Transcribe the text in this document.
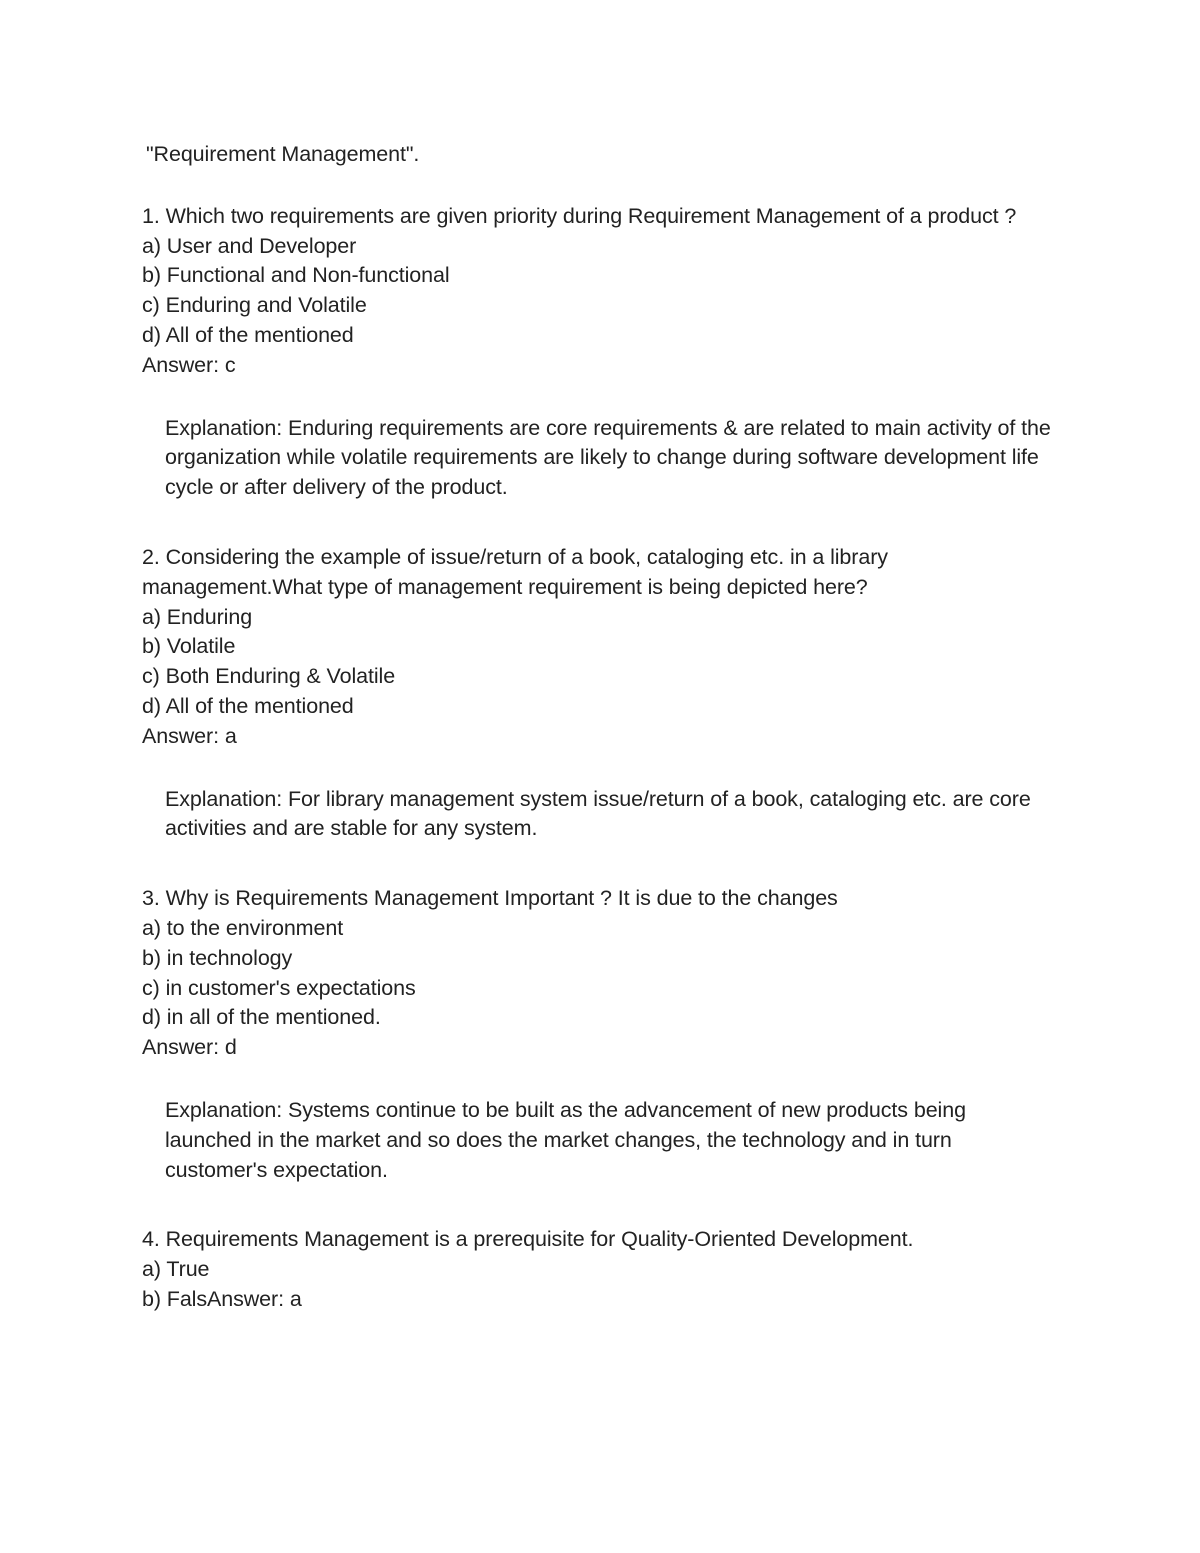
"Requirement Management".
1. Which two requirements are given priority during Requirement Management of a product ?
a) User and Developer
b) Functional and Non-functional
c) Enduring and Volatile
d) All of the mentioned
Answer: c
Explanation: Enduring requirements are core requirements & are related to main activity of the organization while volatile requirements are likely to change during software development life cycle or after delivery of the product.
2. Considering the example of issue/return of a book, cataloging etc. in a library management.What type of management requirement is being depicted here?
a) Enduring
b) Volatile
c) Both Enduring & Volatile
d) All of the mentioned
Answer: a
Explanation: For library management system issue/return of a book, cataloging etc. are core activities and are stable for any system.
3. Why is Requirements Management Important ? It is due to the changes
a) to the environment
b) in technology
c) in customer's expectations
d) in all of the mentioned.
Answer: d
Explanation: Systems continue to be built as the advancement of new products being launched in the market and so does the market changes, the technology and in turn customer's expectation.
4. Requirements Management is a prerequisite for Quality-Oriented Development.
a) True
b) FalsAnswer: a
